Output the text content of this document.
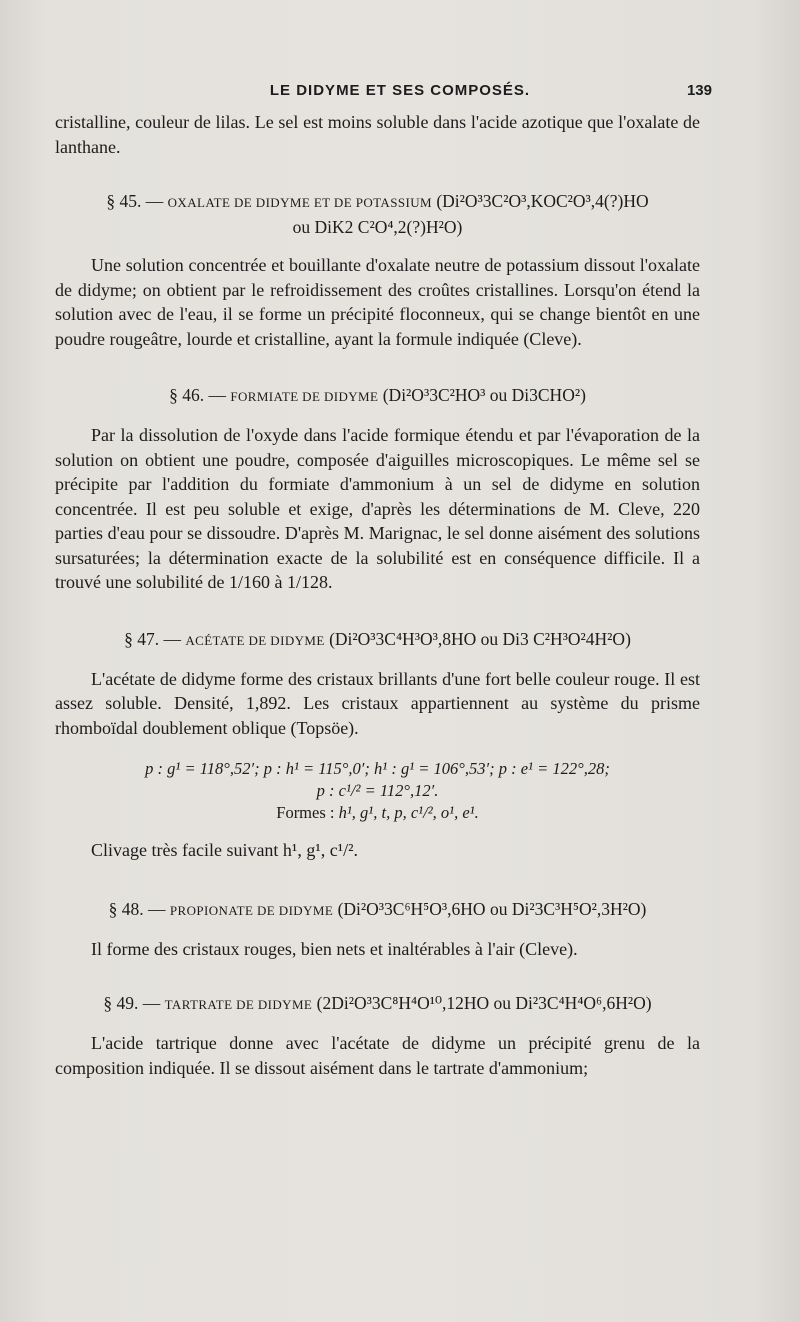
LE DIDYME ET SES COMPOSÉS.	139

cristalline, couleur de lilas. Le sel est moins soluble dans l'acide azotique que l'oxalate de lanthane.

§ 45. — OXALATE DE DIDYME ET DE POTASSIUM (Di²O³3C²O³,KOC²O³,4(?)HO
ou DiK2 C²O⁴,2(?)H²O)

Une solution concentrée et bouillante d'oxalate neutre de potassium dissout l'oxalate de didyme; on obtient par le refroidissement des croûtes cristallines. Lorsqu'on étend la solution avec de l'eau, il se forme un précipité floconneux, qui se change bientôt en une poudre rougeâtre, lourde et cristalline, ayant la formule indiquée (Cleve).

§ 46. — FORMIATE DE DIDYME (Di²O³3C²HO³ ou Di3CHO²)

Par la dissolution de l'oxyde dans l'acide formique étendu et par l'évaporation de la solution on obtient une poudre, composée d'aiguilles microscopiques. Le même sel se précipite par l'addition du formiate d'ammonium à un sel de didyme en solution concentrée. Il est peu soluble et exige, d'après les déterminations de M. Cleve, 220 parties d'eau pour se dissoudre. D'après M. Marignac, le sel donne aisément des solutions sursaturées; la détermination exacte de la solubilité est en conséquence difficile. Il a trouvé une solubilité de 1/160 à 1/128.

§ 47. — ACÉTATE DE DIDYME (Di²O³3C⁴H³O³,8HO ou Di3 C²H³O²4H²O)

L'acétate de didyme forme des cristaux brillants d'une fort belle couleur rouge. Il est assez soluble. Densité, 1,892. Les cristaux appartiennent au système du prisme rhomboïdal doublement oblique (Topsöe).

p : g¹ = 118°,52′; p : h¹ = 115°,0′; h¹ : g¹ = 106°,53′; p : e¹ = 122°,28;
p : c¹/² = 112°,12′.
Formes : h¹, g¹, t, p, c¹/², o¹, e¹.

Clivage très facile suivant h¹, g¹, c¹/².

§ 48. — PROPIONATE DE DIDYME (Di²O³3C⁶H⁵O³,6HO ou Di²3C³H⁵O²,3H²O)

Il forme des cristaux rouges, bien nets et inaltérables à l'air (Cleve).

§ 49. — TARTRATE DE DIDYME (2Di²O³3C⁸H⁴O¹⁰,12HO ou Di²3C⁴H⁴O⁶,6H²O)

L'acide tartrique donne avec l'acétate de didyme un précipité grenu de la composition indiquée. Il se dissout aisément dans le tartrate d'ammonium;
